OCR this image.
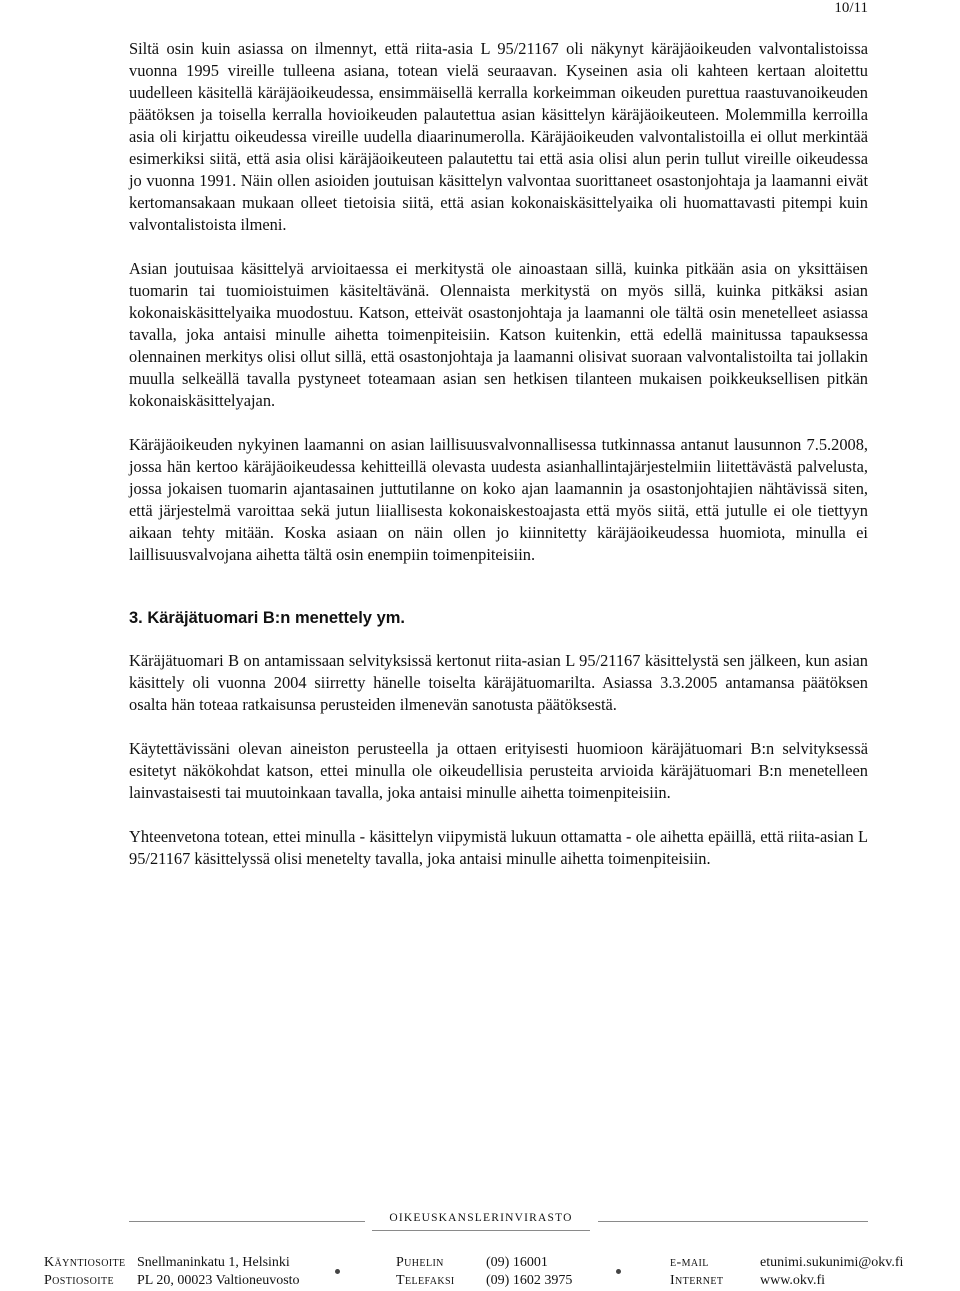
10/11

Siltä osin kuin asiassa on ilmennyt, että riita-asia L 95/21167 oli näkynyt käräjäoikeuden valvontalistoissa vuonna 1995 vireille tulleena asiana, totean vielä seuraavan. Kyseinen asia oli kahteen kertaan aloitettu uudelleen käsitellä käräjäoikeudessa, ensimmäisellä kerralla korkeimman oikeuden purettua raastuvanoikeuden päätöksen ja toisella kerralla hovioikeuden palautettua asian käsittelyn käräjäoikeuteen. Molemmilla kerroilla asia oli kirjattu oikeudessa vireille uudella diaarinumerolla. Käräjäoikeuden valvontalistoilla ei ollut merkintää esimerkiksi siitä, että asia olisi käräjäoikeuteen palautettu tai että asia olisi alun perin tullut vireille oikeudessa jo vuonna 1991. Näin ollen asioiden joutuisan käsittelyn valvontaa suorittaneet osastonjohtaja ja laamanni eivät kertomansakaan mukaan olleet tietoisia siitä, että asian kokonaiskäsittelyaika oli huomattavasti pitempi kuin valvontalistoista ilmeni.

Asian joutuisaa käsittelyä arvioitaessa ei merkitystä ole ainoastaan sillä, kuinka pitkään asia on yksittäisen tuomarin tai tuomioistuimen käsiteltävänä. Olennaista merkitystä on myös sillä, kuinka pitkäksi asian kokonaiskäsittelyaika muodostuu. Katson, etteivät osastonjohtaja ja laamanni ole tältä osin menetelleet asiassa tavalla, joka antaisi minulle aihetta toimenpiteisiin. Katson kuitenkin, että edellä mainitussa tapauksessa olennainen merkitys olisi ollut sillä, että osastonjohtaja ja laamanni olisivat suoraan valvontalistoilta tai jollakin muulla selkeällä tavalla pystyneet toteamaan asian sen hetkisen tilanteen mukaisen poikkeuksellisen pitkän kokonaiskäsittelyajan.

Käräjäoikeuden nykyinen laamanni on asian laillisuusvalvonnallisessa tutkinnassa antanut lausunnon 7.5.2008, jossa hän kertoo käräjäoikeudessa kehitteillä olevasta uudesta asianhallintajärjestelmiin liitettävästä palvelusta, jossa jokaisen tuomarin ajantasainen juttutilanne on koko ajan laamannin ja osastonjohtajien nähtävissä siten, että järjestelmä varoittaa sekä jutun liiallisesta kokonaiskestoajasta että myös siitä, että jutulle ei ole tiettyyn aikaan tehty mitään. Koska asiaan on näin ollen jo kiinnitetty käräjäoikeudessa huomiota, minulla ei laillisuusvalvojana aihetta tältä osin enempiin toimenpiteisiin.

3. Käräjätuomari B:n menettely ym.

Käräjätuomari B on antamissaan selvityksissä kertonut riita-asian L 95/21167 käsittelystä sen jälkeen, kun asian käsittely oli vuonna 2004 siirretty hänelle toiselta käräjätuomarilta. Asiassa 3.3.2005 antamansa päätöksen osalta hän toteaa ratkaisunsa perusteiden ilmenevän sanotusta päätöksestä.

Käytettävissäni olevan aineiston perusteella ja ottaen erityisesti huomioon käräjätuomari B:n selvityksessä esitetyt näkökohdat katson, ettei minulla ole oikeudellisia perusteita arvioida käräjätuomari B:n menetelleen lainvastaisesti tai muutoinkaan tavalla, joka antaisi minulle aihetta toimenpiteisiin.

Yhteenvetona totean, ettei minulla - käsittelyn viipymistä lukuun ottamatta - ole aihetta epäillä, että riita-asian L 95/21167 käsittelyssä olisi menetelty tavalla, joka antaisi minulle aihetta toimenpiteisiin.

OIKEUSKANSLERINVIRASTO
Käyntiosoite
Postiosoite
Snellmaninkatu 1, Helsinki
PL 20, 00023 Valtioneuvosto
Puhelin
Telefaksi
(09) 16001
(09) 1602 3975
e-mail
Internet
etunimi.sukunimi@okv.fi
www.okv.fi
